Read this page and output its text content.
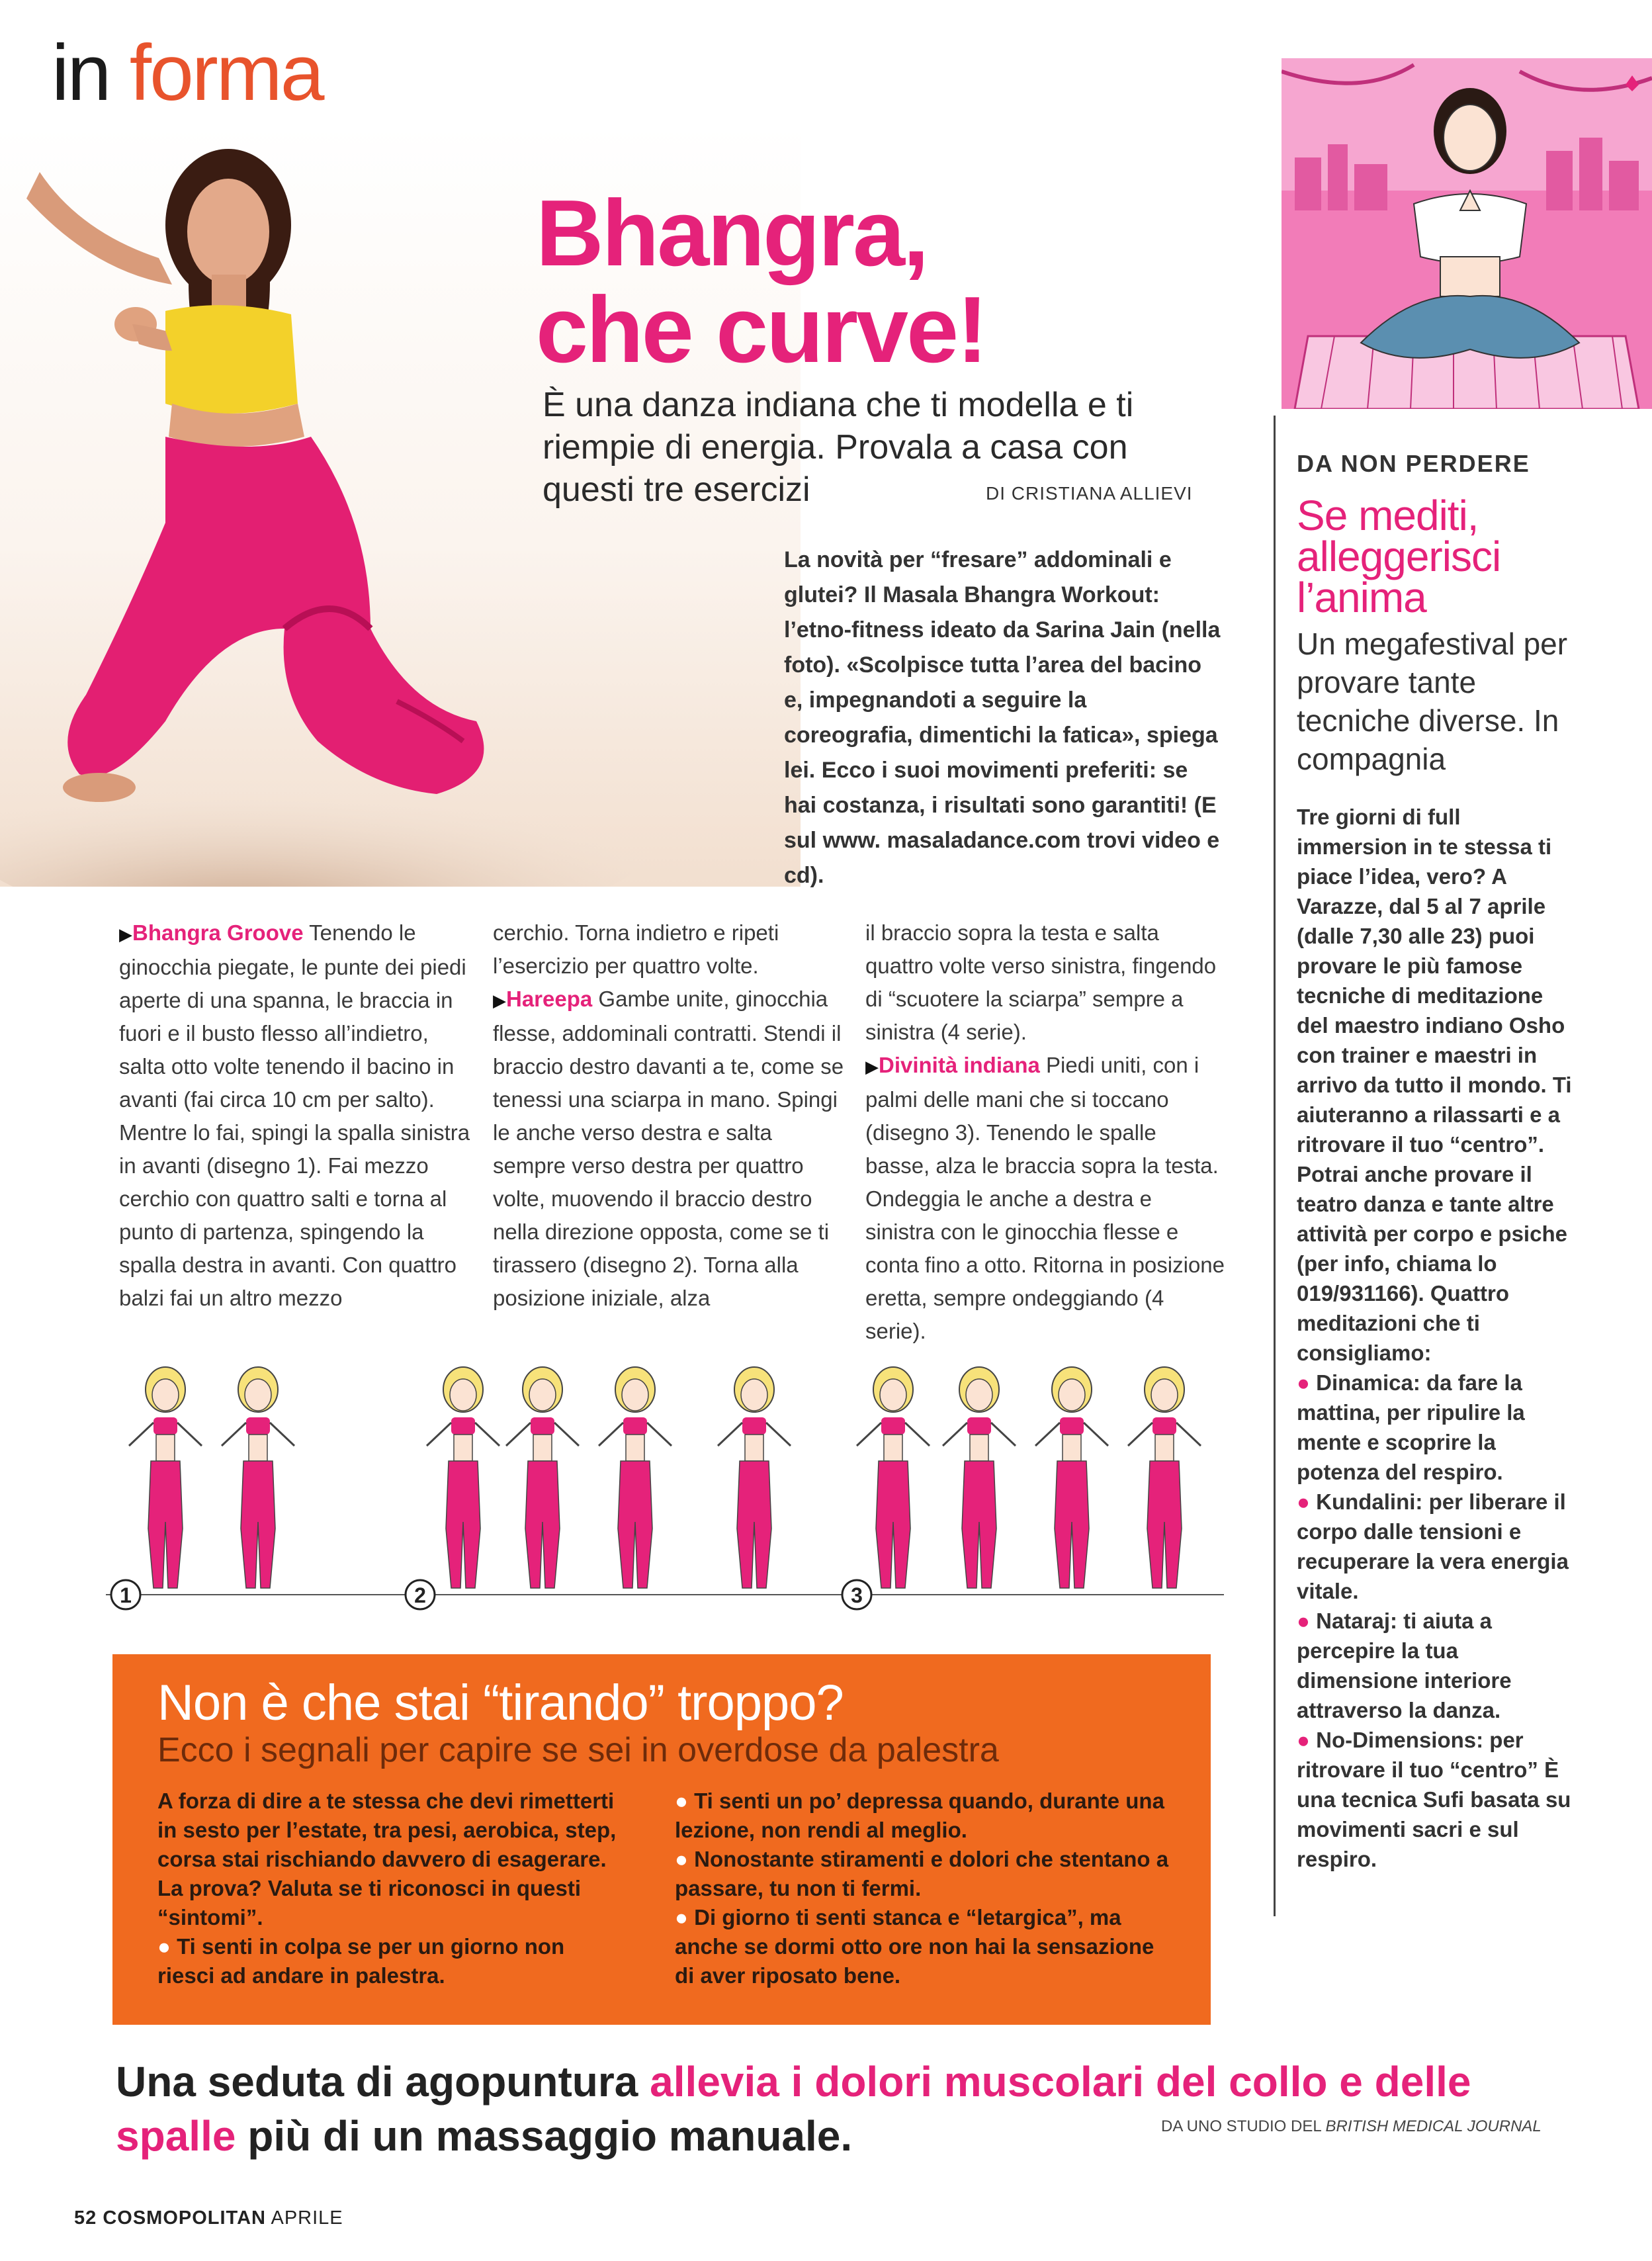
in forma
Bhangra,
che curve!
È una danza indiana che ti modella e ti riempie di energia. Provala a casa con questi tre esercizi	DI CRISTIANA ALLIEVI
La novità per “fresare” addominali e glutei? Il Masala Bhangra Workout: l’etno-fitness ideato da Sarina Jain (nella foto). «Scolpisce tutta l’area del bacino e, impegnandoti a seguire la coreografia, dimentichi la fatica», spiega lei. Ecco i suoi movimenti preferiti: se hai costanza, i risultati sono garantiti! (E sul www. masaladance.com trovi video e cd).
▶Bhangra Groove Tenendo le ginocchia piegate, le punte dei piedi aperte di una spanna, le braccia in fuori e il busto flesso all’indietro, salta otto volte tenendo il bacino in avanti (fai circa 10 cm per salto). Mentre lo fai, spingi la spalla sinistra in avanti (disegno 1). Fai mezzo cerchio con quattro salti e torna al punto di partenza, spingendo la spalla destra in avanti. Con quattro balzi fai un altro mezzo
cerchio. Torna indietro e ripeti l’esercizio per quattro volte.
▶Hareepa Gambe unite, ginocchia flesse, addominali contratti. Stendi il braccio destro davanti a te, come se tenessi una sciarpa in mano. Spingi le anche verso destra e salta sempre verso destra per quattro volte, muovendo il braccio destro nella direzione opposta, come se ti tirassero (disegno 2). Torna alla posizione iniziale, alza
il braccio sopra la testa e salta quattro volte verso sinistra, fingendo di “scuotere la sciarpa” sempre a sinistra (4 serie).
▶Divinità indiana Piedi uniti, con i palmi delle mani che si toccano (disegno 3). Tenendo le spalle basse, alza le braccia sopra la testa. Ondeggia le anche a destra e sinistra con le ginocchia flesse e conta fino a otto. Ritorna in posizione eretta, sempre ondeggiando (4 serie).
1	2	3
Non è che stai “tirando” troppo?
Ecco i segnali per capire se sei in overdose da palestra
A forza di dire a te stessa che devi rimetterti in sesto per l’estate, tra pesi, aerobica, step, corsa stai rischiando davvero di esagerare. La prova? Valuta se ti riconosci in questi “sintomi”.
● Ti senti in colpa se per un giorno non riesci ad andare in palestra.
● Ti senti un po’ depressa quando, durante una lezione, non rendi al meglio.
● Nonostante stiramenti e dolori che stentano a passare, tu non ti fermi.
● Di giorno ti senti stanca e “letargica”, ma anche se dormi otto ore non hai la sensazione di aver riposato bene.
Una seduta di agopuntura allevia i dolori muscolari del collo e delle spalle più di un massaggio manuale.	DA UNO STUDIO DEL BRITISH MEDICAL JOURNAL
52 COSMOPOLITAN APRILE
DA NON PERDERE
Se mediti, alleggerisci l’anima
Un megafestival per provare tante tecniche diverse. In compagnia

Tre giorni di full immersion in te stessa ti piace l’idea, vero? A Varazze, dal 5 al 7 aprile (dalle 7,30 alle 23) puoi provare le più famose tecniche di meditazione del maestro indiano Osho con trainer e maestri in arrivo da tutto il mondo. Ti aiuteranno a rilassarti e a ritrovare il tuo “centro”. Potrai anche provare il teatro danza e tante altre attività per corpo e psiche (per info, chiama lo 019/931166). Quattro meditazioni che ti consigliamo:

● Dinamica: da fare la mattina, per ripulire la mente e scoprire la potenza del respiro.

● Kundalini: per liberare il corpo dalle tensioni e recuperare la vera energia vitale.

● Nataraj: ti aiuta a percepire la tua dimensione interiore attraverso la danza.

● No-Dimensions: per ritrovare il tuo “centro” È una tecnica Sufi basata su movimenti sacri e sul respiro.
